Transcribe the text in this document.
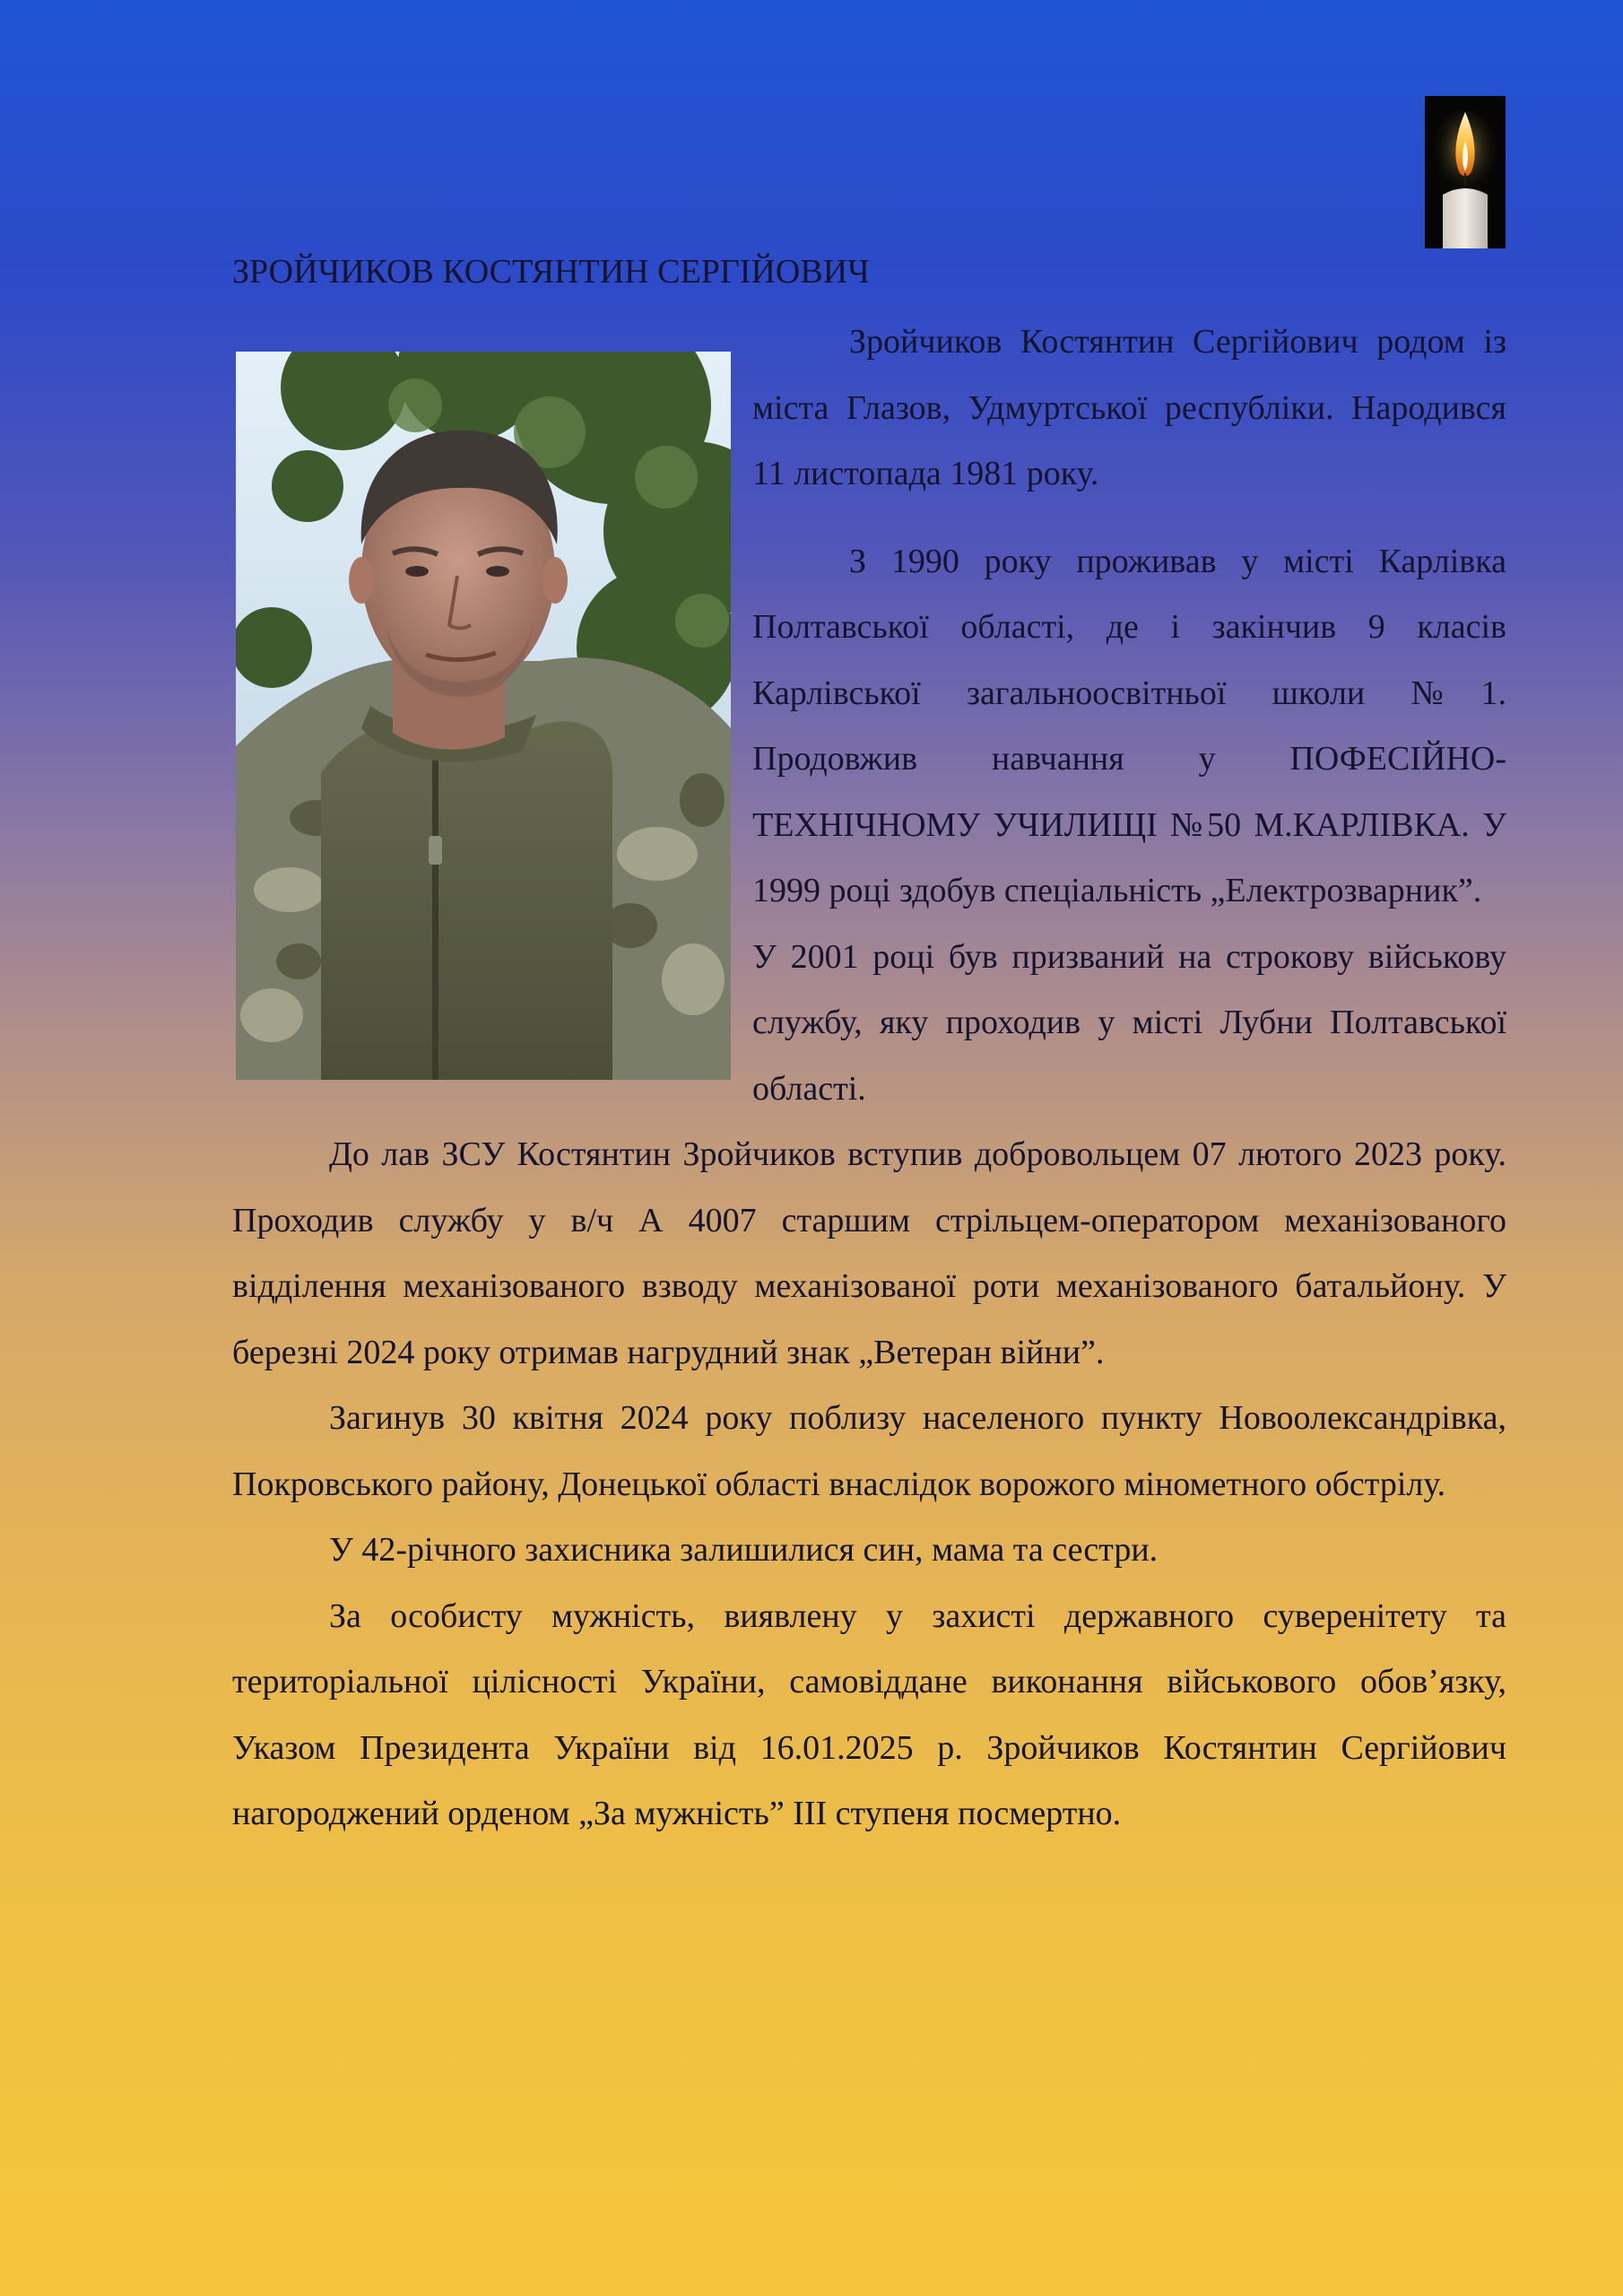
ЗРОЙЧИКОВ КОСТЯНТИН СЕРГІЙОВИЧ

Зройчиков Костянтин Сергійович родом із міста Глазов, Удмуртської республіки. Народився 11 листопада 1981 року.

З 1990 року проживав у місті Карлівка Полтавської області, де і закінчив 9 класів Карлівської загальноосвітньої школи №1. Продовжив навчання у ПОФЕСІЙНО-ТЕХНІЧНОМУ УЧИЛИЩІ №50 М.КАРЛІВКА. У 1999 році здобув спеціальність „Електрозварник”.

У 2001 році був призваний на строкову військову службу, яку проходив у місті Лубни Полтавської області.

До лав ЗСУ Костянтин Зройчиков вступив добровольцем 07 лютого 2023 року. Проходив службу у в/ч А 4007 старшим стрільцем-оператором механізованого відділення механізованого взводу механізованої роти механізованого батальйону. У березні 2024 року отримав нагрудний знак „Ветеран війни”.

Загинув 30 квітня 2024 року поблизу населеного пункту Новоолександрівка, Покровського району, Донецької області внаслідок ворожого мінометного обстрілу.

У 42-річного захисника залишилися син, мама та сестри.

За особисту мужність, виявлену у захисті державного суверенітету та територіальної цілісності України, самовіддане виконання військового обов’язку, Указом Президента України від 16.01.2025 р. Зройчиков Костянтин Сергійович нагороджений орденом „За мужність” ІІІ ступеня посмертно.
